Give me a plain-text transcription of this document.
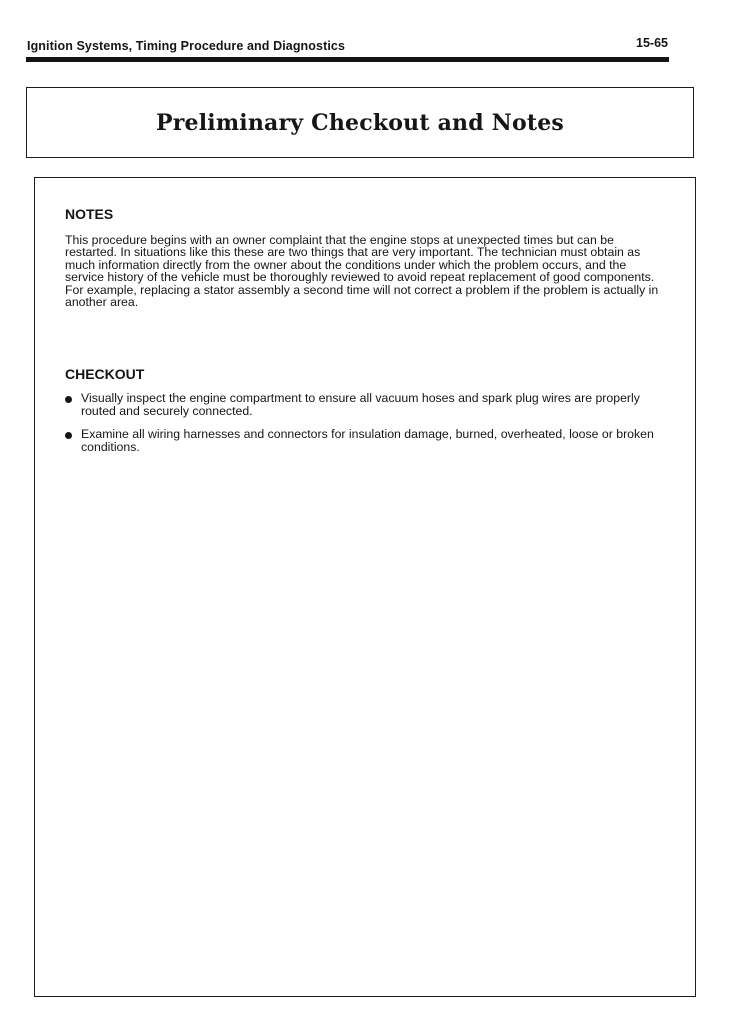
Ignition Systems, Timing Procedure and Diagnostics	15-65
Preliminary Checkout and Notes
NOTES

This procedure begins with an owner complaint that the engine stops at unexpected times but can be restarted. In situations like this these are two things that are very important. The technician must obtain as much information directly from the owner about the conditions under which the problem occurs, and the service history of the vehicle must be thoroughly reviewed to avoid repeat replacement of good components. For example, replacing a stator assembly a second time will not correct a problem if the problem is actually in another area.

CHECKOUT
Visually inspect the engine compartment to ensure all vacuum hoses and spark plug wires are properly routed and securely connected.
Examine all wiring harnesses and connectors for insulation damage, burned, overheated, loose or broken conditions.
